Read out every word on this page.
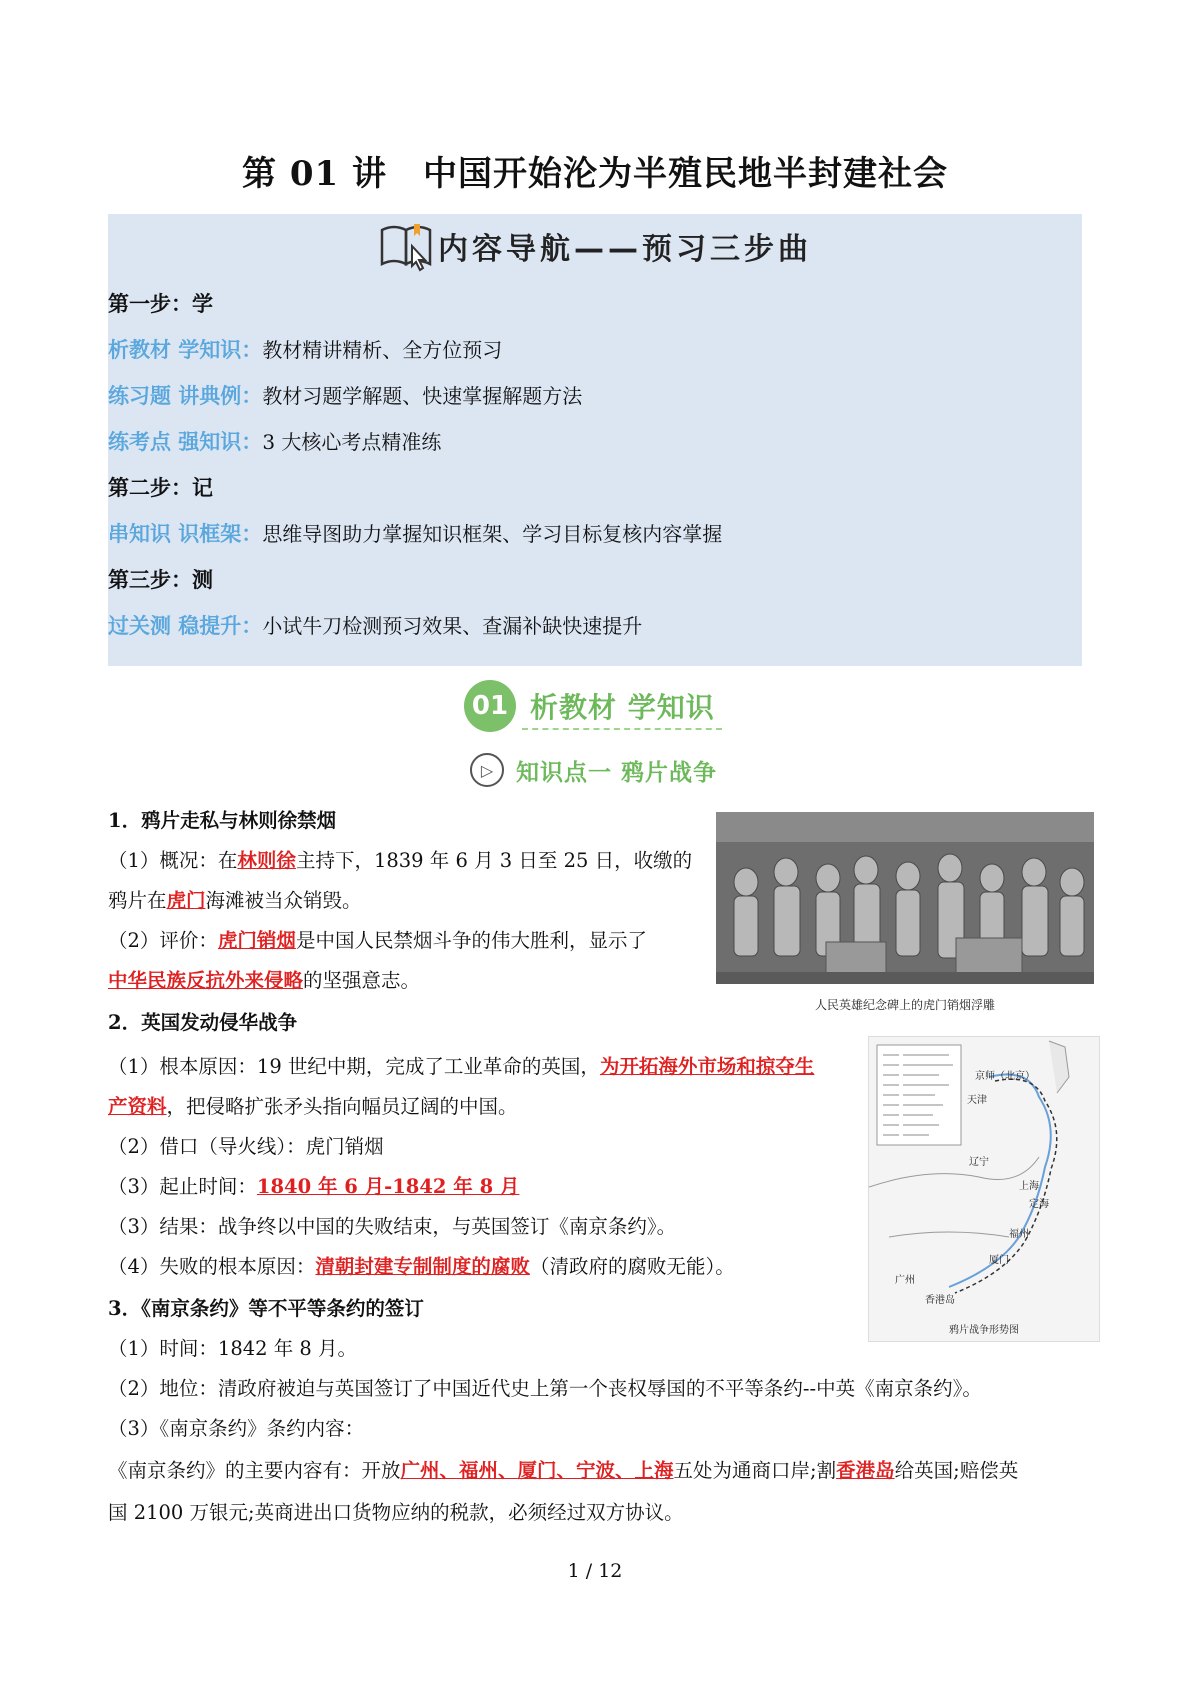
第 01 讲 中国开始沦为半殖民地半封建社会
内容导航——预习三步曲
第一步：学
析教材 学知识：教材精讲精析、全方位预习
练习题 讲典例：教材习题学解题、快速掌握解题方法
练考点 强知识：3 大核心考点精准练
第二步：记
串知识 识框架：思维导图助力掌握知识框架、学习目标复核内容掌握
第三步：测
过关测 稳提升：小试牛刀检测预习效果、查漏补缺快速提升
01 析教材 学知识
▷ 知识点一 鸦片战争
1．鸦片走私与林则徐禁烟
（1）概况：在林则徐主持下，1839 年 6 月 3 日至 25 日，收缴的
鸦片在虎门海滩被当众销毁。
（2）评价：虎门销烟是中国人民禁烟斗争的伟大胜利，显示了
中华民族反抗外来侵略的坚强意志。
人民英雄纪念碑上的虎门销烟浮雕
2．英国发动侵华战争
（1）根本原因：19 世纪中期，完成了工业革命的英国，为开拓海外市场和掠夺生
产资料，把侵略扩张矛头指向幅员辽阔的中国。
（2）借口（导火线）：虎门销烟
（3）起止时间：1840 年 6 月-1842 年 8 月
（3）结果：战争终以中国的失败结束，与英国签订《南京条约》。
（4）失败的根本原因：清朝封建专制制度的腐败（清政府的腐败无能）。
京师（北京）
天津
辽宁
上海
定海
福州
厦门
广州
香港岛
鸦片战争形势图
3．《南京条约》等不平等条约的签订
（1）时间：1842 年 8 月。
（2）地位：清政府被迫与英国签订了中国近代史上第一个丧权辱国的不平等条约--中英《南京条约》。
（3）《南京条约》条约内容：
《南京条约》的主要内容有：开放广州、福州、厦门、宁波、上海五处为通商口岸;割香港岛给英国;赔偿英
国 2100 万银元;英商进出口货物应纳的税款，必须经过双方协议。
1 / 12
